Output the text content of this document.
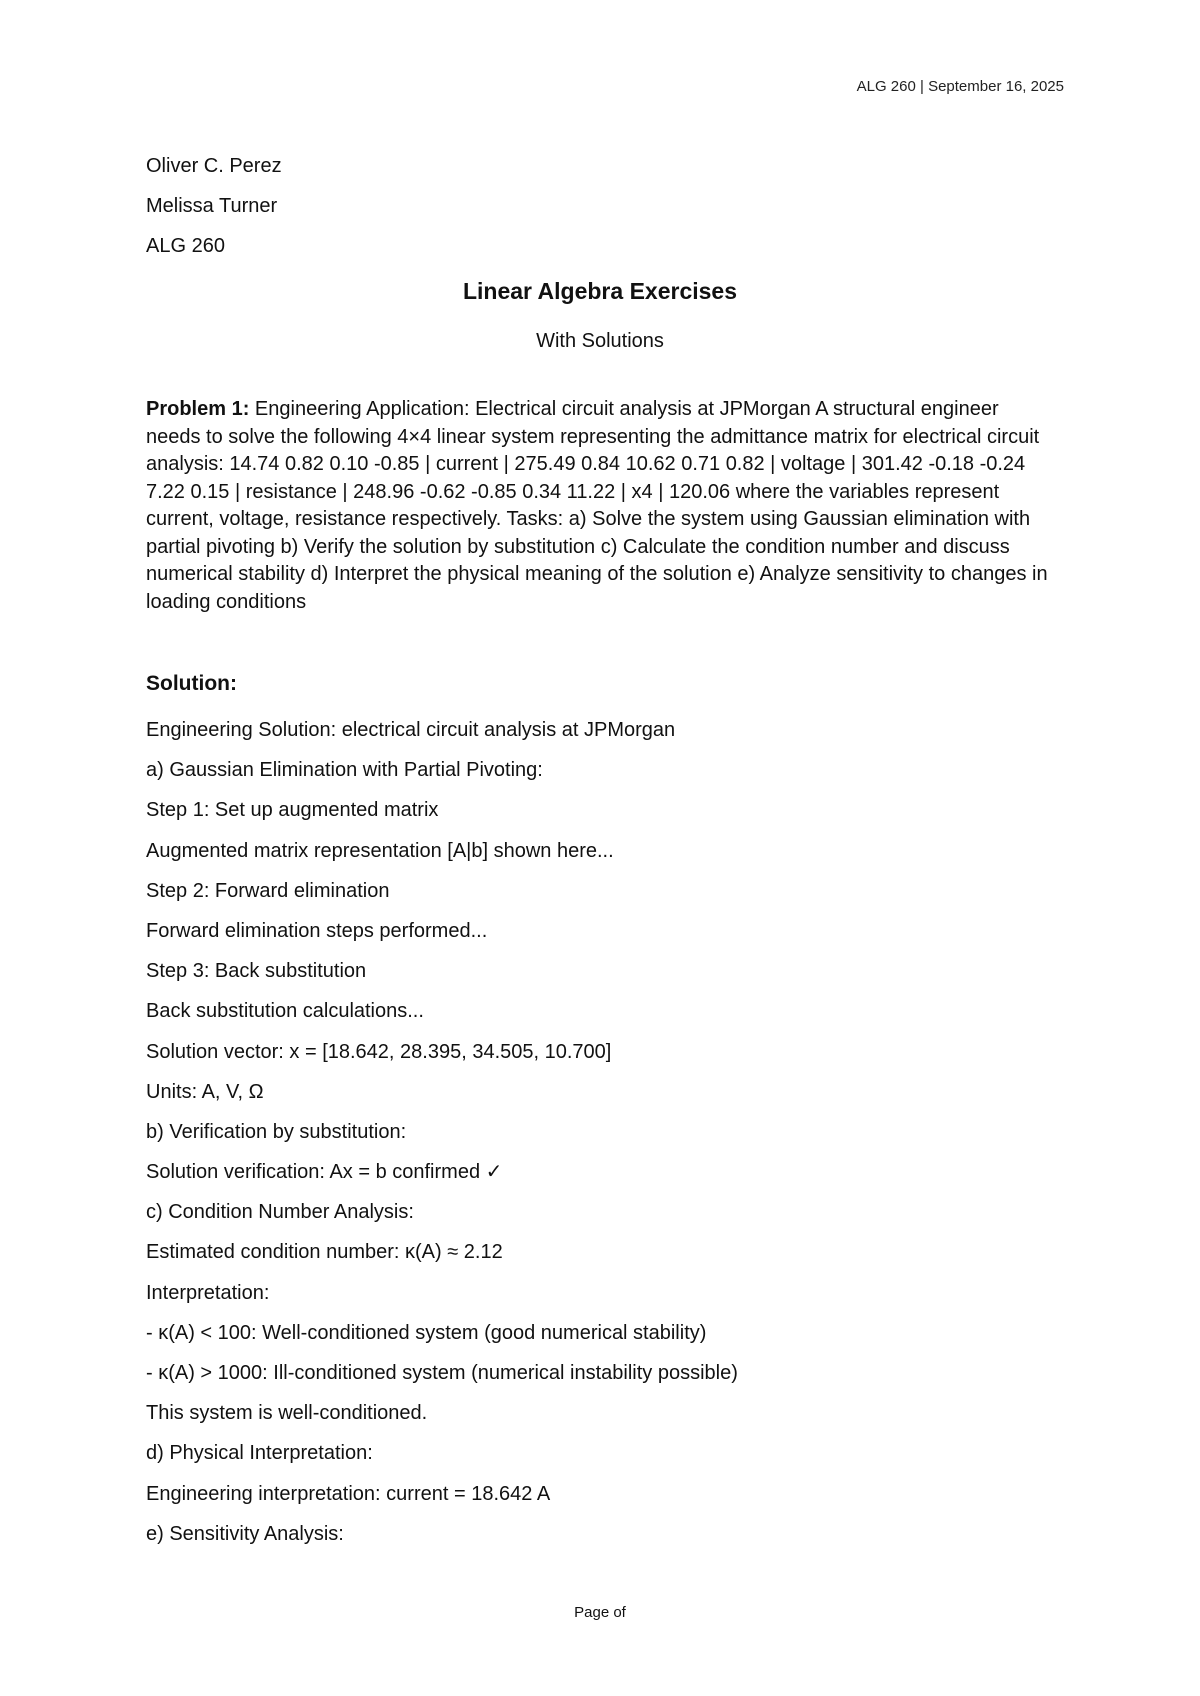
ALG 260 | September 16, 2025
Oliver C. Perez
Melissa Turner
ALG 260
Linear Algebra Exercises
With Solutions
Problem 1: Engineering Application: Electrical circuit analysis at JPMorgan A structural engineer needs to solve the following 4×4 linear system representing the admittance matrix for electrical circuit analysis: 14.74 0.82 0.10 -0.85 | current | 275.49 0.84 10.62 0.71 0.82 | voltage | 301.42 -0.18 -0.24 7.22 0.15 | resistance | 248.96 -0.62 -0.85 0.34 11.22 | x4 | 120.06 where the variables represent current, voltage, resistance respectively. Tasks: a) Solve the system using Gaussian elimination with partial pivoting b) Verify the solution by substitution c) Calculate the condition number and discuss numerical stability d) Interpret the physical meaning of the solution e) Analyze sensitivity to changes in loading conditions
Solution:
Engineering Solution: electrical circuit analysis at JPMorgan
a) Gaussian Elimination with Partial Pivoting:
Step 1: Set up augmented matrix
Augmented matrix representation [A|b] shown here...
Step 2: Forward elimination
Forward elimination steps performed...
Step 3: Back substitution
Back substitution calculations...
Solution vector: x = [18.642, 28.395, 34.505, 10.700]
Units: A, V, Ω
b) Verification by substitution:
Solution verification: Ax = b confirmed ✓
c) Condition Number Analysis:
Estimated condition number: κ(A) ≈ 2.12
Interpretation:
- κ(A) < 100: Well-conditioned system (good numerical stability)
- κ(A) > 1000: Ill-conditioned system (numerical instability possible)
This system is well-conditioned.
d) Physical Interpretation:
Engineering interpretation: current = 18.642 A
e) Sensitivity Analysis:
Page of
